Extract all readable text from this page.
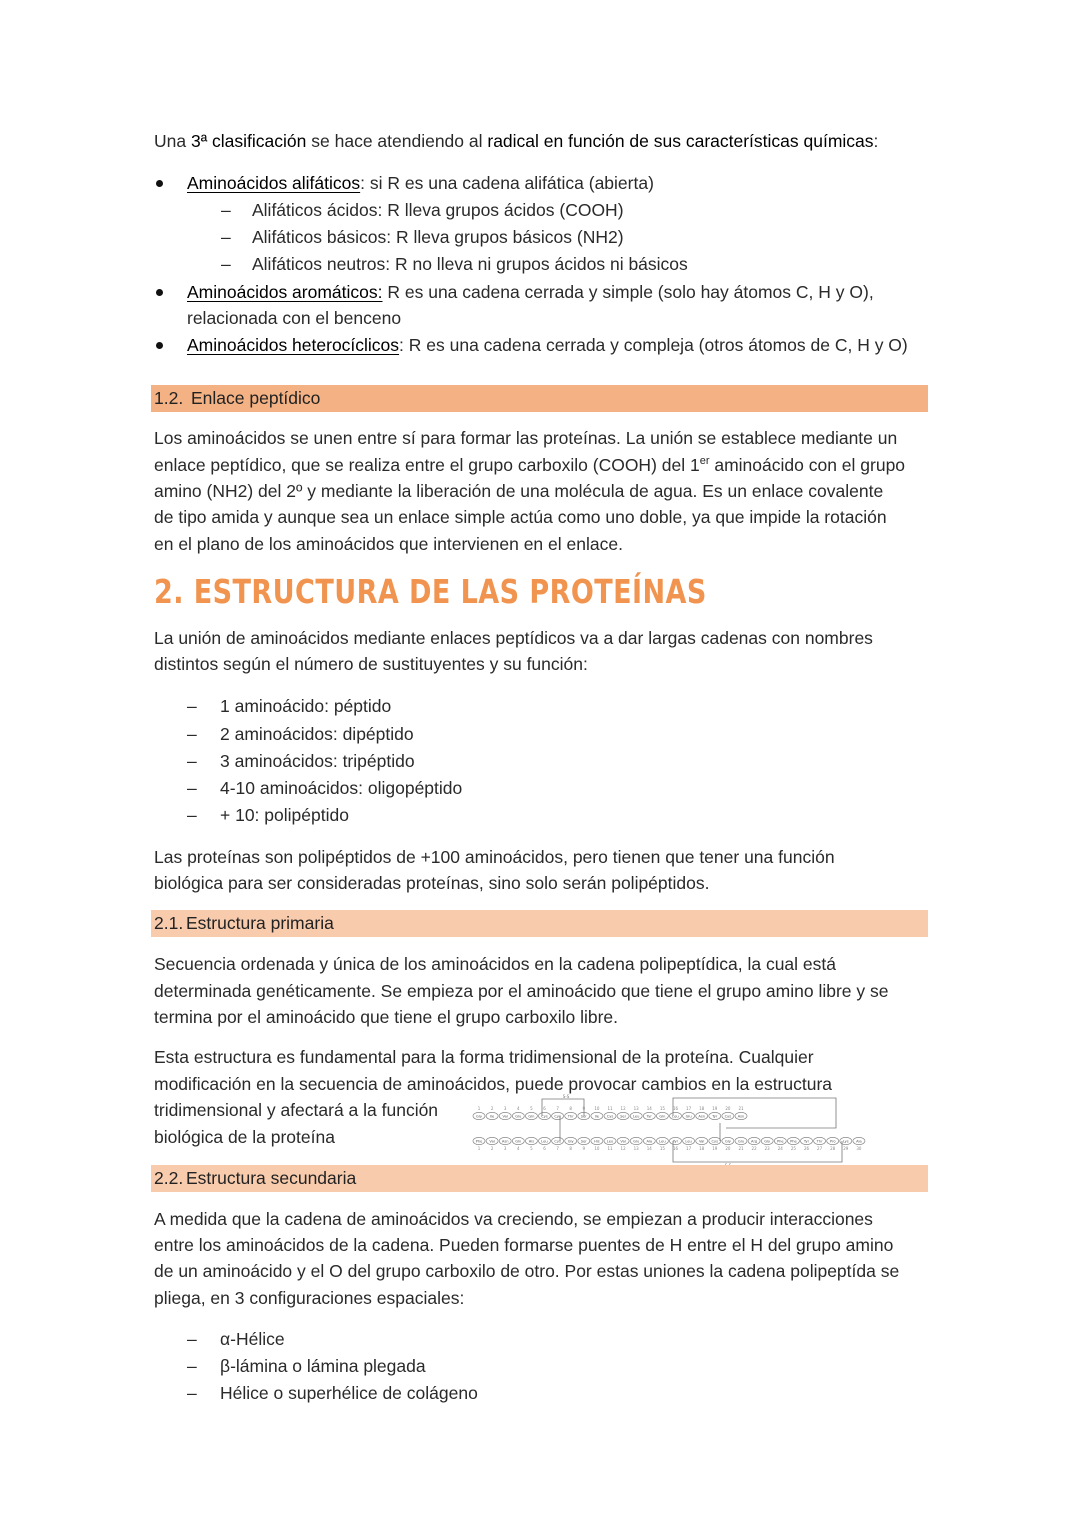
Una 3ª clasificación se hace atendiendo al radical en función de sus características químicas:
Aminoácidos alifáticos: si R es una cadena alifática (abierta)
– Alifáticos ácidos: R lleva grupos ácidos (COOH)
– Alifáticos básicos: R lleva grupos básicos (NH2)
– Alifáticos neutros: R no lleva ni grupos ácidos ni básicos
Aminoácidos aromáticos: R es una cadena cerrada y simple (solo hay átomos C, H y O),
relacionada con el benceno
Aminoácidos heterocíclicos: R es una cadena cerrada y compleja (otros átomos de C, H y O)
1.2. Enlace peptídico
Los aminoácidos se unen entre sí para formar las proteínas. La unión se establece mediante un
enlace peptídico, que se realiza entre el grupo carboxilo (COOH) del 1er aminoácido con el grupo
amino (NH2) del 2º y mediante la liberación de una molécula de agua. Es un enlace covalente
de tipo amida y aunque sea un enlace simple actúa como uno doble, ya que impide la rotación
en el plano de los aminoácidos que intervienen en el enlace.
2. ESTRUCTURA DE LAS PROTEÍNAS
La unión de aminoácidos mediante enlaces peptídicos va a dar largas cadenas con nombres
distintos según el número de sustituyentes y su función:
– 1 aminoácido: péptido
– 2 aminoácidos: dipéptido
– 3 aminoácidos: tripéptido
– 4-10 aminoácidos: oligopéptido
– + 10: polipéptido
Las proteínas son polipéptidos de +100 aminoácidos, pero tienen que tener una función
biológica para ser consideradas proteínas, sino solo serán polipéptidos.
2.1. Estructura primaria
Secuencia ordenada y única de los aminoácidos en la cadena polipeptídica, la cual está
determinada genéticamente. Se empieza por el aminoácido que tiene el grupo amino libre y se
termina por el aminoácido que tiene el grupo carboxilo libre.
Esta estructura es fundamental para la forma tridimensional de la proteína. Cualquier
modificación en la secuencia de aminoácidos, puede provocar cambios en la estructura
tridimensional y afectará a la función
biológica de la proteína
Gly
1
Ile
2
Val
3
Glu
4
Gln
5
Cys
6
Cys
7
Thr
8
Ser
9
Ile
10
Cys
11
Ser
12
Leu
13
Tyr
14
Gln
15
Leu
16
Glu
17
Asn
18
Tyr
19
Cys
20
Asn
21
Phe
1
Val
2
Asn
3
Gln
4
His
5
Leu
6
Cys
7
Gly
8
Ser
9
His
10
Leu
11
Val
12
Glu
13
Ala
14
Leu
15
Tyr
16
Leu
17
Val
18
Cys
19
Gly
20
Glu
21
Arg
22
Gly
23
Phe
24
Phe
25
Tyr
26
Thr
27
Pro
28
Lys
29
Ala
30
S-S
2.2. Estructura secundaria
A medida que la cadena de aminoácidos va creciendo, se empiezan a producir interacciones
entre los aminoácidos de la cadena. Pueden formarse puentes de H entre el H del grupo amino
de un aminoácido y el O del grupo carboxilo de otro. Por estas uniones la cadena polipeptída se
pliega, en 3 configuraciones espaciales:
– α-Hélice
– β-lámina o lámina plegada
– Hélice o superhélice de colágeno
